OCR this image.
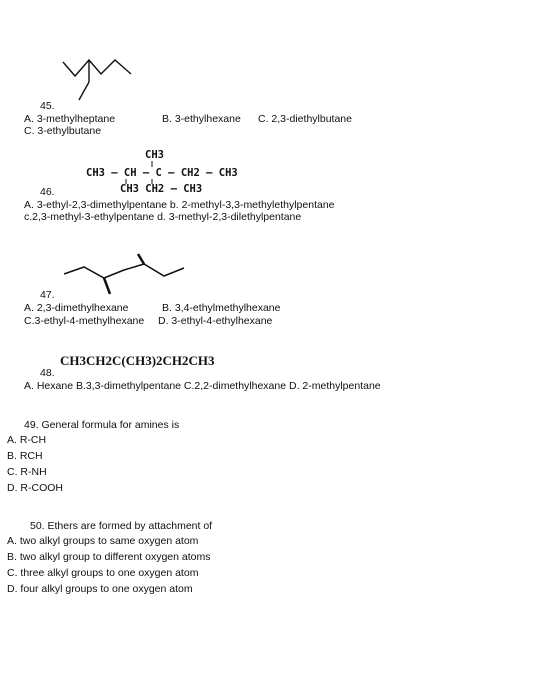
45.
A. 3-methylheptane	B. 3-ethylhexane C. 2,3-diethylbutane
C. 3-ethylbutane
CH3
CH3 — CH — C — CH2 — CH3
CH3 CH2 — CH3
46.
A. 3-ethyl-2,3-dimethylpentane b. 2-methyl-3,3-methylethylpentane
c.2,3-methyl-3-ethylpentane d. 3-methyl-2,3-dilethylpentane
47.
A. 2,3-dimethylhexane	B. 3,4-ethylmethylhexane
C.3-ethyl-4-methylhexane D. 3-ethyl-4-ethylhexane
CH3CH2C(CH3)2CH2CH3
48.
A. Hexane B.3,3-dimethylpentane C.2,2-dimethylhexane D. 2-methylpentane
49. General formula for amines is
A. R-CH
B. RCH
C. R-NH
D. R-COOH
50. Ethers are formed by attachment of
A. two alkyl groups to same oxygen atom
B. two alkyl group to different oxygen atoms
C. three alkyl groups to one oxygen atom
D. four alkyl groups to one oxygen atom
